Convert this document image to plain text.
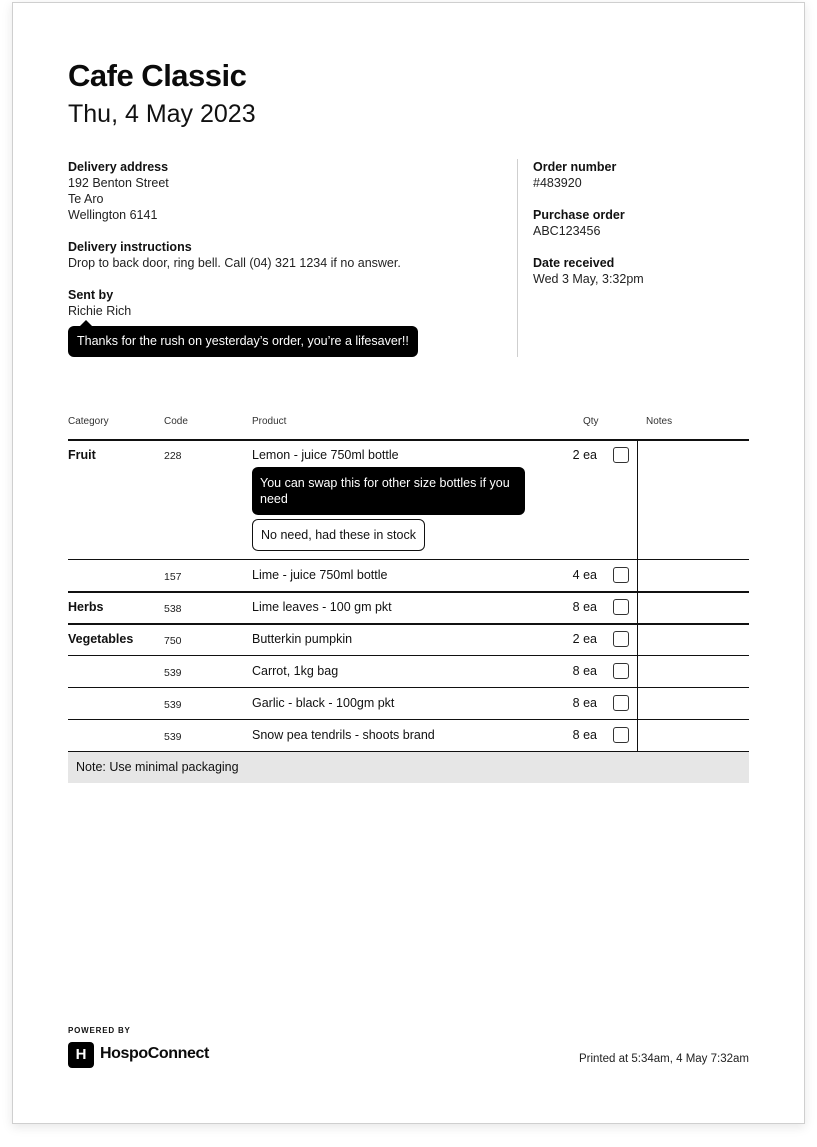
Cafe Classic
Thu, 4 May 2023
Delivery address
192 Benton Street
Te Aro
Wellington 6141
Delivery instructions
Drop to back door, ring bell. Call (04) 321 1234 if no answer.
Sent by
Richie Rich
Thanks for the rush on yesterday’s order, you’re a lifesaver!!
Order number
#483920
Purchase order
ABC123456
Date received
Wed 3 May, 3:32pm
Category	Code	Product	Qty	Notes
Fruit	228	Lemon - juice 750ml bottle	2 ea
You can swap this for other size bottles if you need
No need, had these in stock
157	Lime - juice 750ml bottle	4 ea
Herbs	538	Lime leaves - 100 gm pkt	8 ea
Vegetables	750	Butterkin pumpkin	2 ea
539	Carrot, 1kg bag	8 ea
539	Garlic - black - 100gm pkt	8 ea
539	Snow pea tendrils - shoots brand	8 ea
Note: Use minimal packaging
POWERED BY
H HospoConnect	Printed at 5:34am, 4 May 7:32am
